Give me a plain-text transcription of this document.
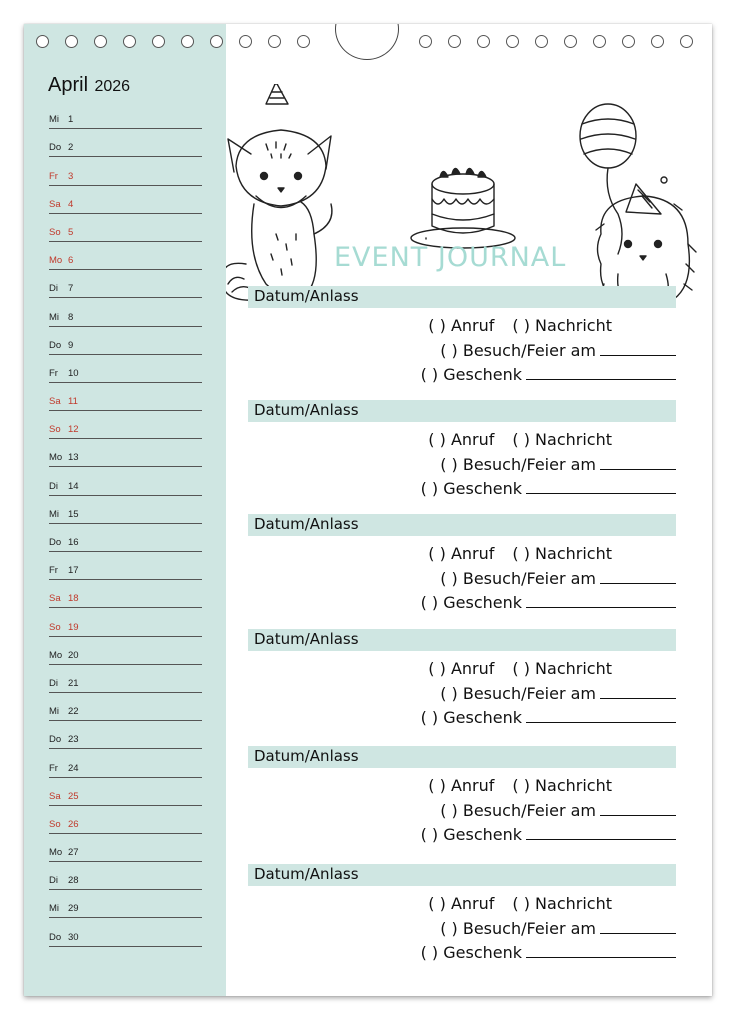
April 2026
Mi 1
Do 2
Fr	3
Sa 4
So 5
Mo 6
Di	7
Mi 8
Do 9
Fr	10
Sa 11
So 12
Mo 13
Di	14
Mi 15
Do 16
Fr	17
Sa 18
So 19
Mo 20
Di	21
Mi 22
Do 23
Fr	24
Sa 25
So 26
Mo 27
Di	28
Mi 29
Do 30
EVENT JOURNAL
Datum/Anlass
( ) Anruf ( ) Nachricht
( ) Besuch/Feier am
( ) Geschenk
Datum/Anlass
( ) Anruf ( ) Nachricht
( ) Besuch/Feier am
( ) Geschenk
Datum/Anlass
( ) Anruf ( ) Nachricht
( ) Besuch/Feier am
( ) Geschenk
Datum/Anlass
( ) Anruf ( ) Nachricht
( ) Besuch/Feier am
( ) Geschenk
Datum/Anlass
( ) Anruf ( ) Nachricht
( ) Besuch/Feier am
( ) Geschenk
Datum/Anlass
( ) Anruf ( ) Nachricht
( ) Besuch/Feier am
( ) Geschenk
